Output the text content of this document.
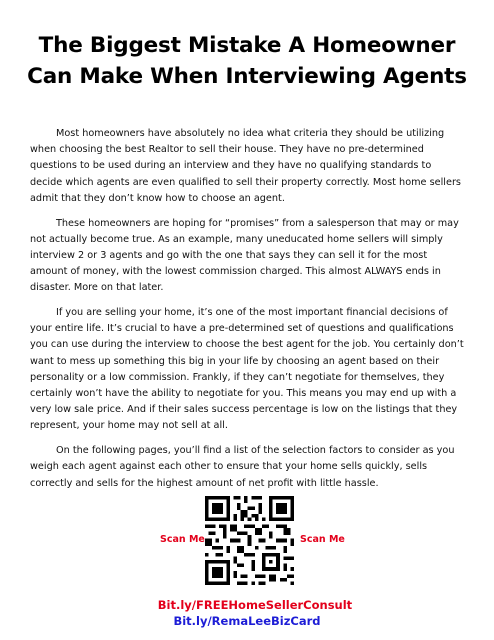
The Biggest Mistake A Homeowner
Can Make When Interviewing Agents

Most homeowners have absolutely no idea what criteria they should be utilizing when choosing the best Realtor to sell their house. They have no pre-determined questions to be used during an interview and they have no qualifying standards to decide which agents are even qualified to sell their property correctly. Most home sellers admit that they don’t know how to choose an agent.

These homeowners are hoping for “promises” from a salesperson that may or may not actually become true. As an example, many uneducated home sellers will simply interview 2 or 3 agents and go with the one that says they can sell it for the most amount of money, with the lowest commission charged. This almost ALWAYS ends in disaster. More on that later.

If you are selling your home, it’s one of the most important financial decisions of your entire life. It’s crucial to have a pre-determined set of questions and qualifications you can use during the interview to choose the best agent for the job. You certainly don’t want to mess up something this big in your life by choosing an agent based on their personality or a low commission. Frankly, if they can’t negotiate for themselves, they certainly won’t have the ability to negotiate for you. This means you may end up with a very low sale price. And if their sales success percentage is low on the listings that they represent, your home may not sell at all.

On the following pages, you’ll find a list of the selection factors to consider as you weigh each agent against each other to ensure that your home sells quickly, sells correctly and sells for the highest amount of net profit with little hassle.

Scan Me	Scan Me
Bit.ly/FREEHomeSellerConsult
Bit.ly/RemaLeeBizCard
